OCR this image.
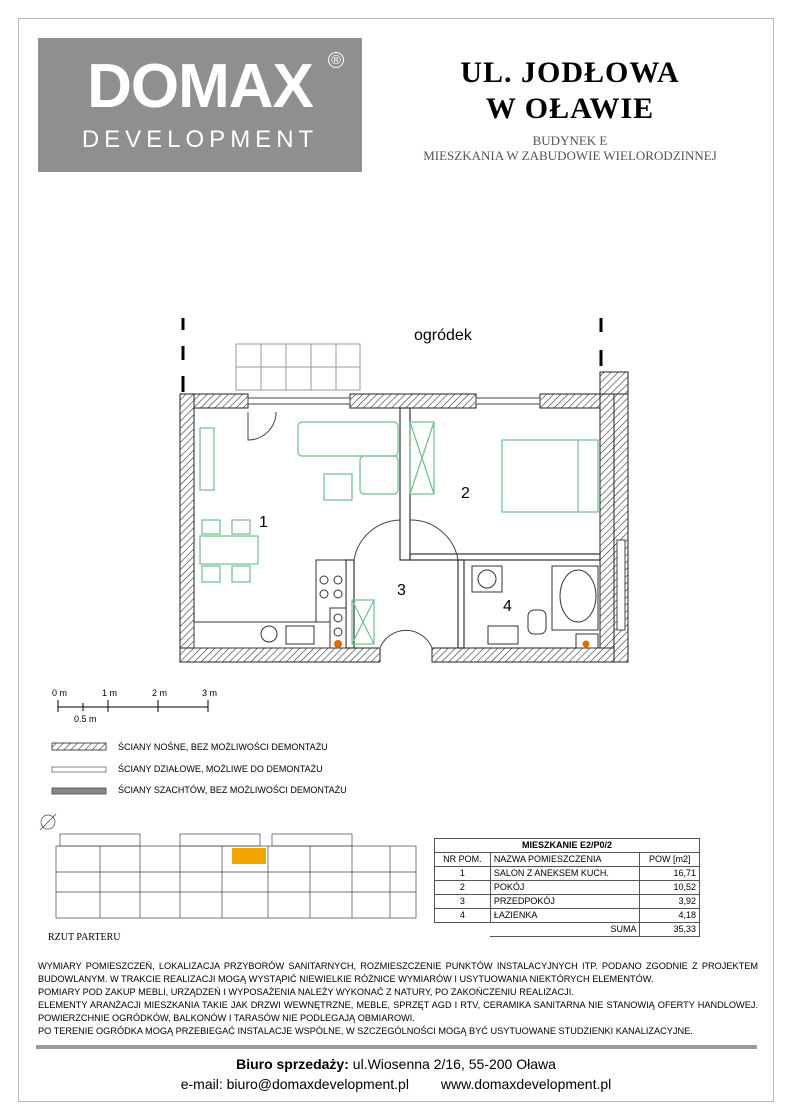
DOMAX	®
DEVELOPMENT
UL. JODŁOWA
W OŁAWIE
BUDYNEK E
MIESZKANIA W ZABUDOWIE WIELORODZINNEJ
ogródek
1
2
3
4
0 m	1 m	2 m	3 m
0.5 m
ŚCIANY NOŚNE, BEZ MOŻLIWOŚCI DEMONTAŻU
ŚCIANY DZIAŁOWE, MOŻLIWE DO DEMONTAŻU
ŚCIANY SZACHTÓW, BEZ MOŻLIWOŚCI DEMONTAŻU
RZUT PARTERU
MIESZKANIE E2/P0/2		
NR POM.	NAZWA POMIESZCZENIA	POW [m2]
1	SALON Z ANEKSEM KUCH.	16,71
2	POKÓJ	10,52
3	PRZEDPOKÓJ	3,92
4	ŁAZIENKA	4,18
	SUMA	35,33
WYMIARY POMIESZCZEŃ, LOKALIZACJA PRZYBORÓW SANITARNYCH, ROZMIESZCZENIE PUNKTÓW INSTALACYJNYCH ITP. PODANO ZGODNIE Z PROJEKTEM BUDOWLANYM. W TRAKCIE REALIZACJI MOGĄ WYSTĄPIĆ NIEWIELKIE RÓŻNICE WYMIARÓW I USYTUOWANIA NIEKTÓRYCH ELEMENTÓW.
POMIARY POD ZAKUP MEBLI, URZĄDZEŃ I WYPOSAŻENIA NALEŻY WYKONAĆ Z NATURY, PO ZAKOŃCZENIU REALIZACJI.
ELEMENTY ARANŻACJI MIESZKANIA TAKIE JAK DRZWI WEWNĘTRZNE, MEBLE, SPRZĘT AGD I RTV, CERAMIKA SANITARNA NIE STANOWIĄ OFERTY HANDLOWEJ. POWIERZCHNIE OGRÓDKÓW, BALKONÓW I TARASÓW NIE PODLEGAJĄ OBMIAROWI.
PO TERENIE OGRÓDKA MOGĄ PRZEBIEGAĆ INSTALACJE WSPÓLNE, W SZCZEGÓLNOŚCI MOGĄ BYĆ USYTUOWANE STUDZIENKI KANALIZACYJNE.
Biuro sprzedaży: ul.Wiosenna 2/16, 55-200 Oława
e-mail: biuro@domaxdevelopment.pl www.domaxdevelopment.pl
